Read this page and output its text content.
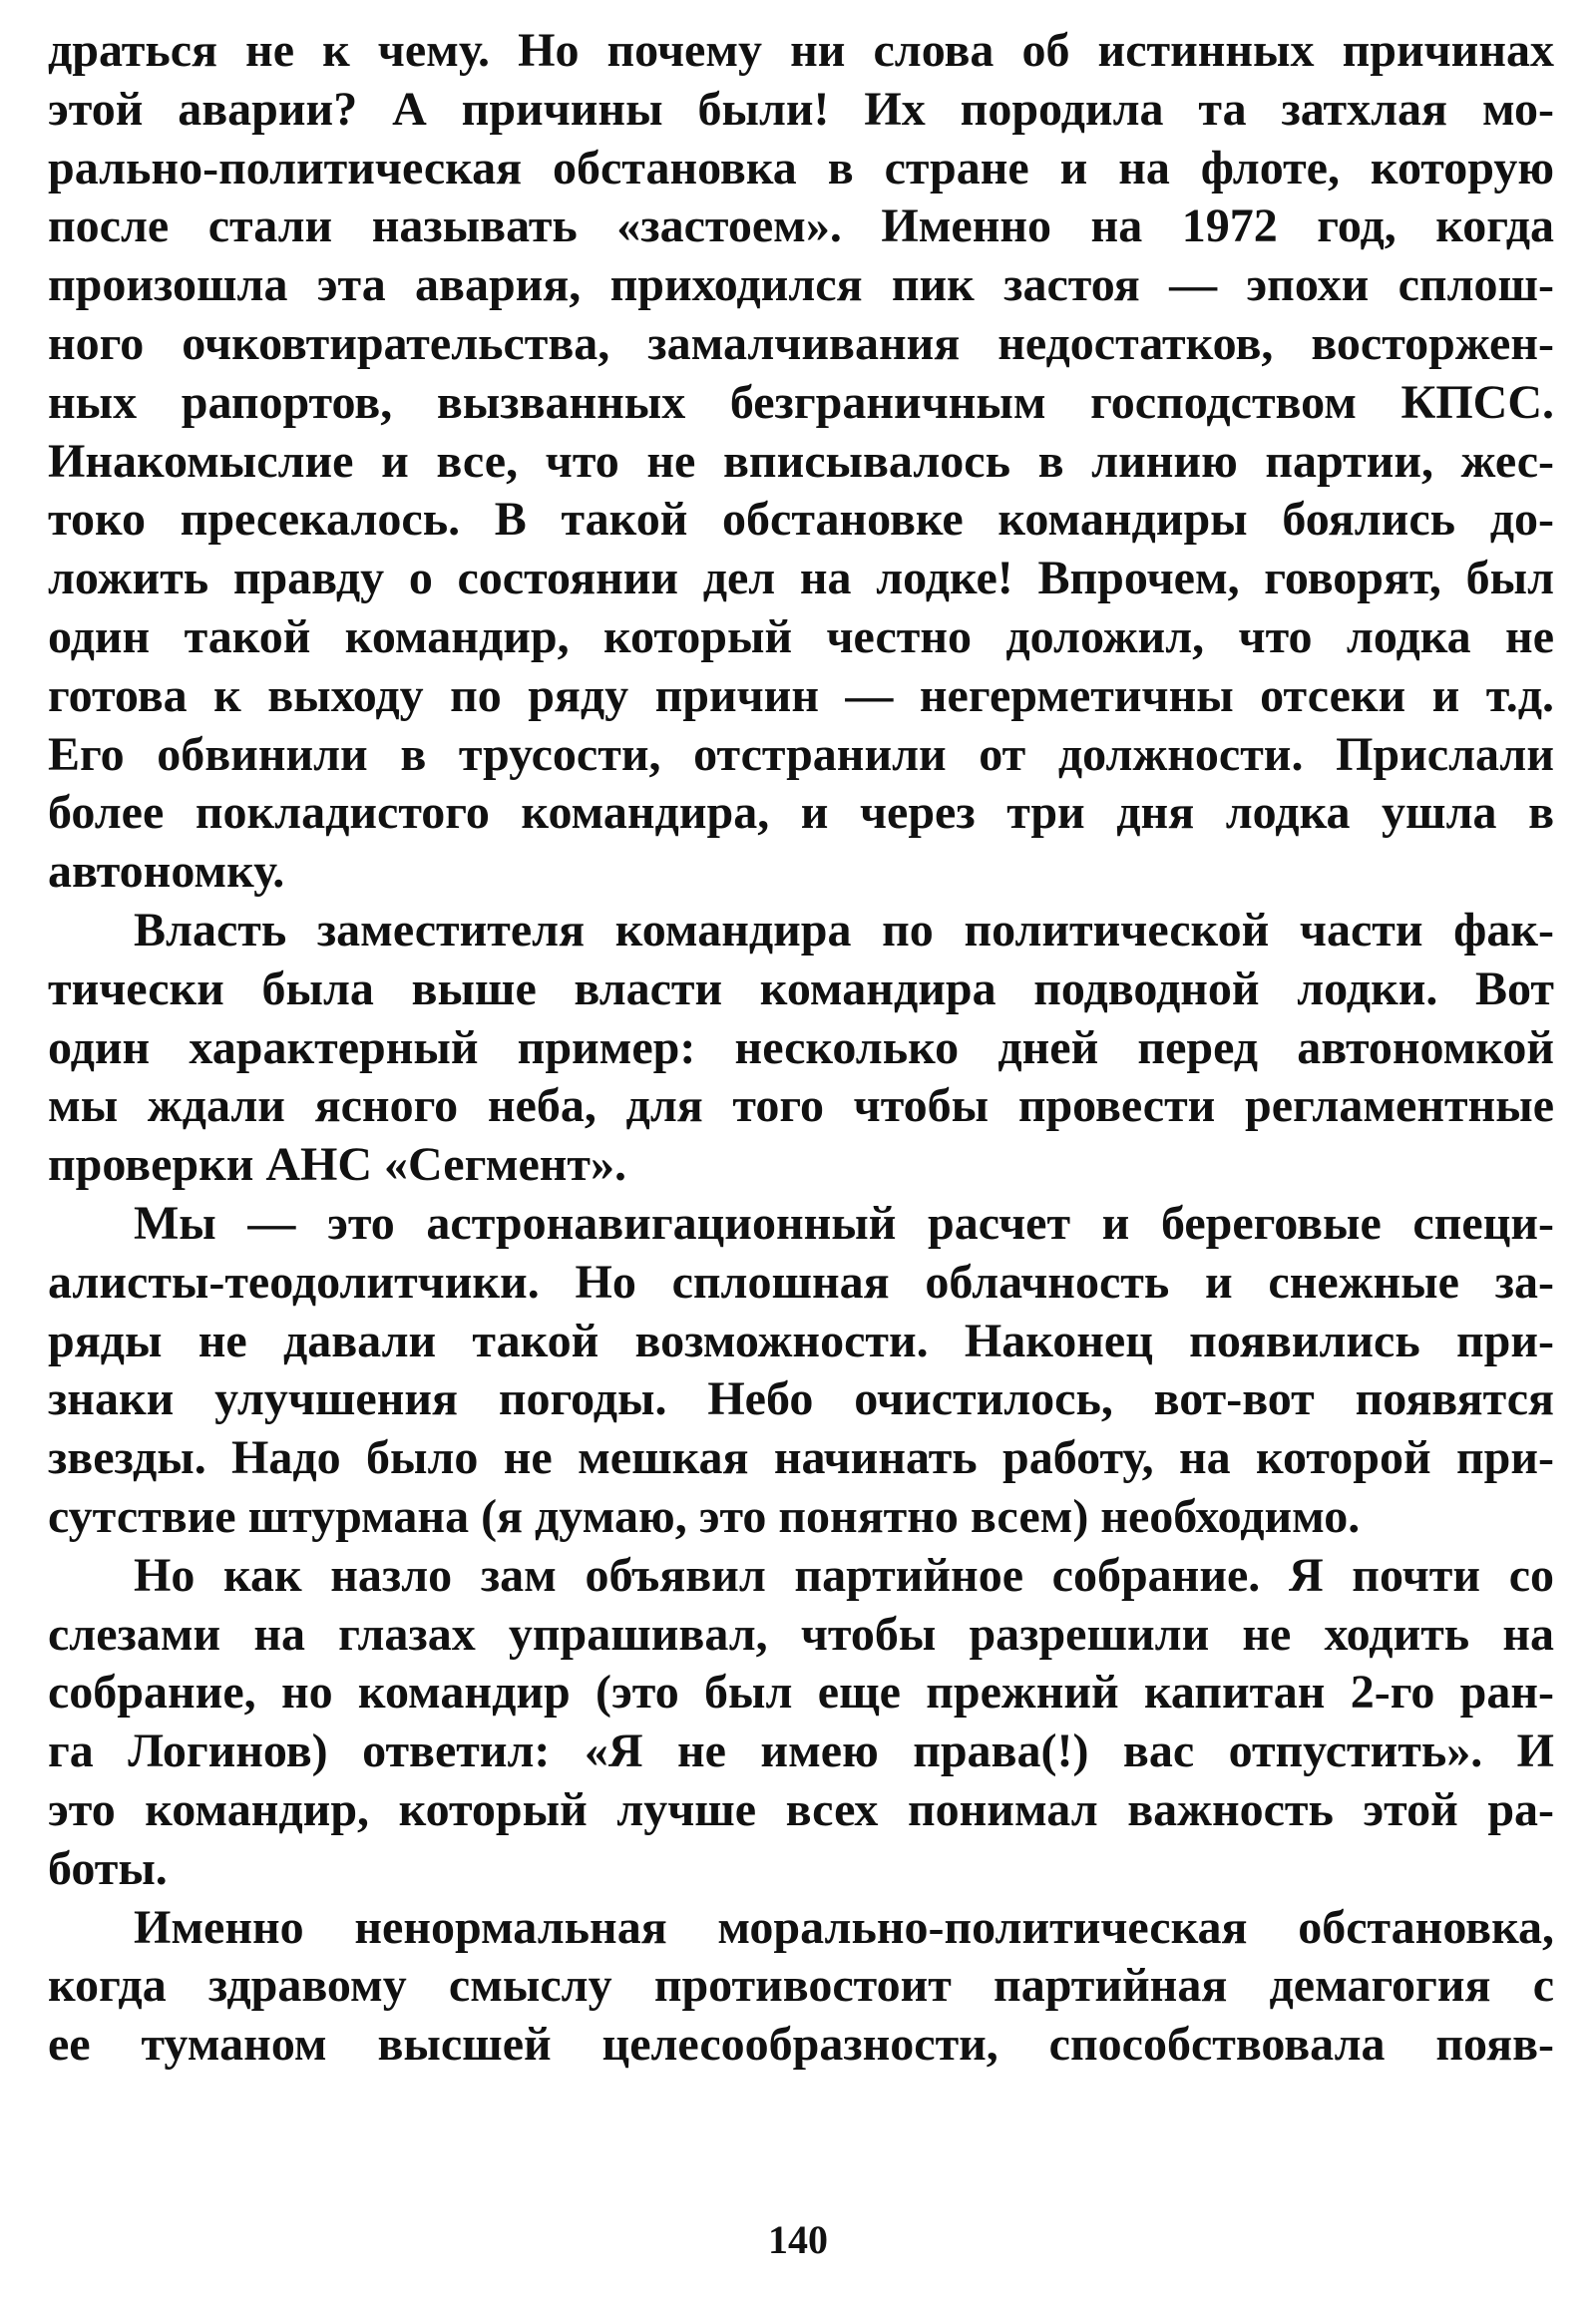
драться не к чему. Но почему ни слова об истинных причинах
этой аварии? А причины были! Их породила та затхлая мо-
рально-политическая обстановка в стране и на флоте, которую
после стали называть «застоем». Именно на 1972 год, когда
произошла эта авария, приходился пик застоя — эпохи сплош-
ного очковтирательства, замалчивания недостатков, восторжен-
ных рапортов, вызванных безграничным господством КПСС.
Инакомыслие и все, что не вписывалось в линию партии, жес-
токо пресекалось. В такой обстановке командиры боялись до-
ложить правду о состоянии дел на лодке! Впрочем, говорят, был
один такой командир, который честно доложил, что лодка не
готова к выходу по ряду причин — негерметичны отсеки и т.д.
Его обвинили в трусости, отстранили от должности. Прислали
более покладистого командира, и через три дня лодка ушла в
автономку.
Власть заместителя командира по политической части фак-
тически была выше власти командира подводной лодки. Вот
один характерный пример: несколько дней перед автономкой
мы ждали ясного неба, для того чтобы провести регламентные
проверки АНС «Сегмент».
Мы — это астронавигационный расчет и береговые специ-
алисты-теодолитчики. Но сплошная облачность и снежные за-
ряды не давали такой возможности. Наконец появились при-
знаки улучшения погоды. Небо очистилось, вот-вот появятся
звезды. Надо было не мешкая начинать работу, на которой при-
сутствие штурмана (я думаю, это понятно всем) необходимо.
Но как назло зам объявил партийное собрание. Я почти со
слезами на глазах упрашивал, чтобы разрешили не ходить на
собрание, но командир (это был еще прежний капитан 2-го ран-
га Логинов) ответил: «Я не имею права(!) вас отпустить». И
это командир, который лучше всех понимал важность этой ра-
боты.
Именно ненормальная морально-политическая обстановка,
когда здравому смыслу противостоит партийная демагогия с
ее туманом высшей целесообразности, способствовала появ-
140
